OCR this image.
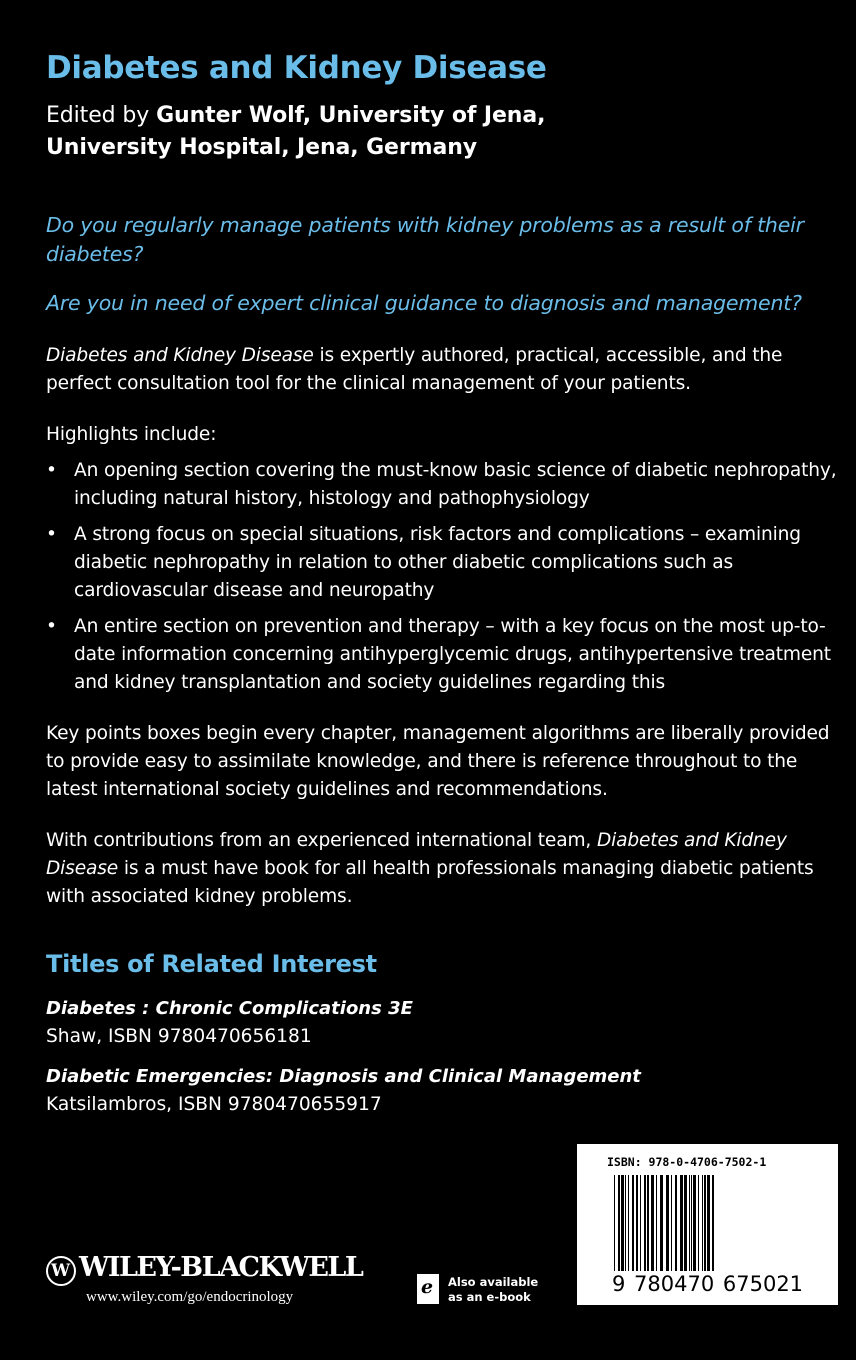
Diabetes and Kidney Disease
Edited by Gunter Wolf, University of Jena,
University Hospital, Jena, Germany
Do you regularly manage patients with kidney problems as a result of their diabetes?
Are you in need of expert clinical guidance to diagnosis and management?
Diabetes and Kidney Disease is expertly authored, practical, accessible, and the perfect consultation tool for the clinical management of your patients.
Highlights include:
• An opening section covering the must-know basic science of diabetic nephropathy, including natural history, histology and pathophysiology
• A strong focus on special situations, risk factors and complications – examining diabetic nephropathy in relation to other diabetic complications such as cardiovascular disease and neuropathy
• An entire section on prevention and therapy – with a key focus on the most up-to-date information concerning antihyperglycemic drugs, antihypertensive treatment and kidney transplantation and society guidelines regarding this
Key points boxes begin every chapter, management algorithms are liberally provided to provide easy to assimilate knowledge, and there is reference throughout to the latest international society guidelines and recommendations.
With contributions from an experienced international team, Diabetes and Kidney Disease is a must have book for all health professionals managing diabetic patients with associated kidney problems.
Titles of Related Interest
Diabetes : Chronic Complications 3E
Shaw, ISBN 9780470656181
Diabetic Emergencies: Diagnosis and Clinical Management
Katsilambros, ISBN 9780470655917
W
WILEY-BLACKWELL
www.wiley.com/go/endocrinology	e Also available
as an e-book
ISBN: 978-0-4706-7502-1
9 780470 675021
